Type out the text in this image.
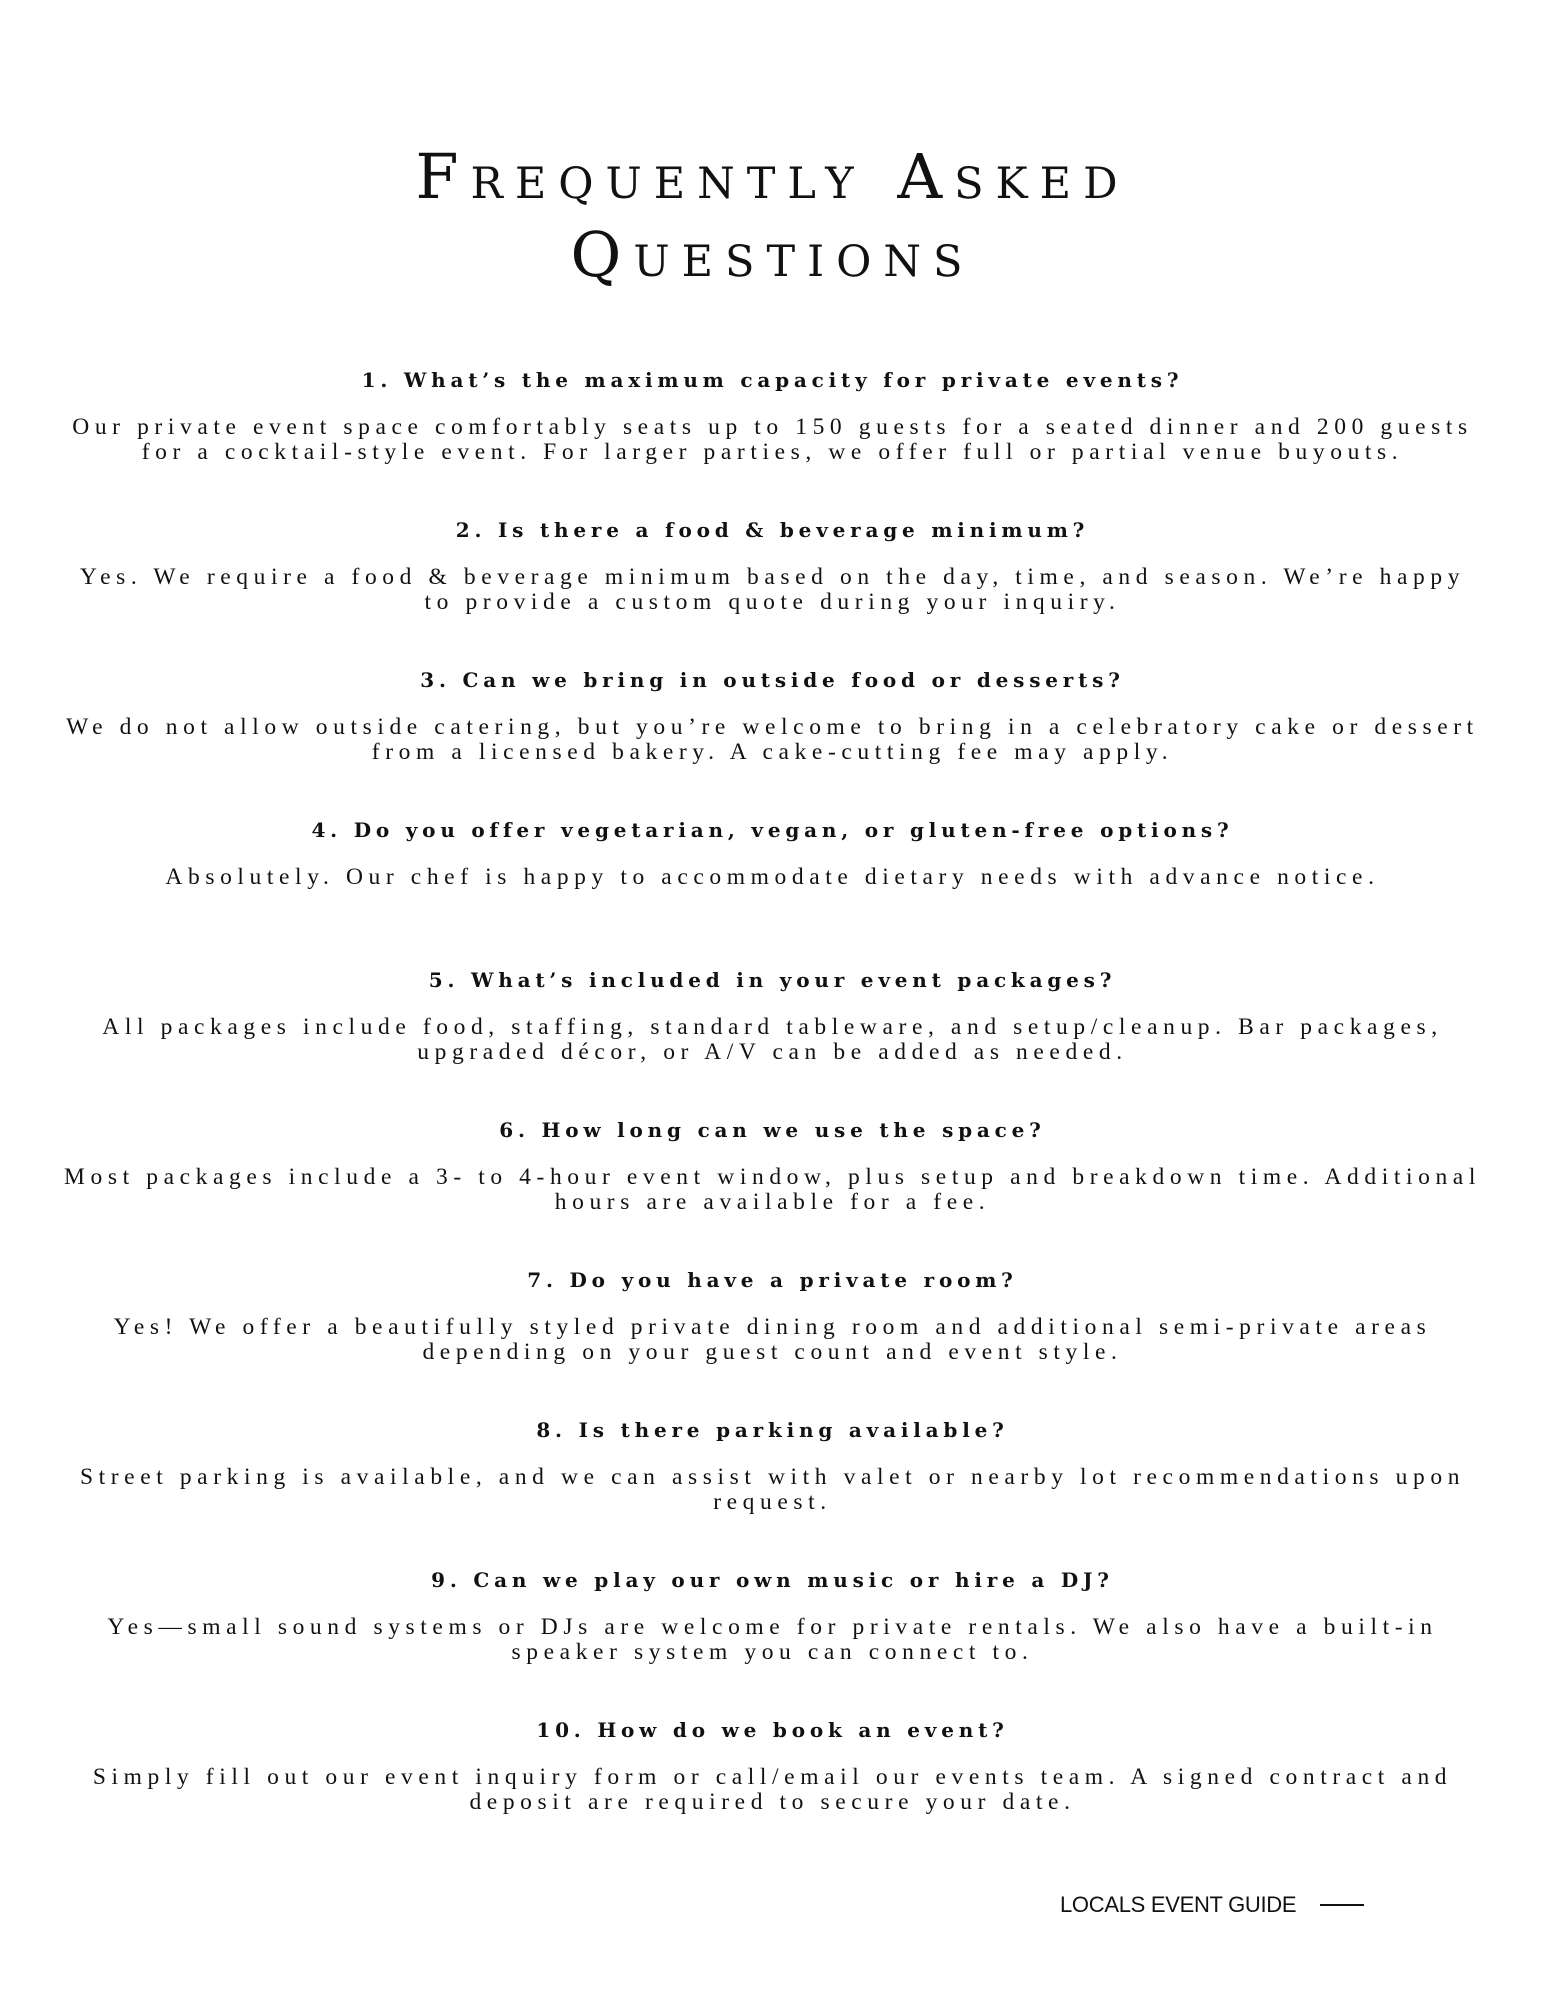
Frequently Asked
Questions

1. What’s the maximum capacity for private events?

Our private event space comfortably seats up to 150 guests for a seated dinner and 200 guests for a cocktail-style event. For larger parties, we offer full or partial venue buyouts.

2. Is there a food & beverage minimum?

Yes. We require a food & beverage minimum based on the day, time, and season. We’re happy to provide a custom quote during your inquiry.

3. Can we bring in outside food or desserts?

We do not allow outside catering, but you’re welcome to bring in a celebratory cake or dessert from a licensed bakery. A cake-cutting fee may apply.

4. Do you offer vegetarian, vegan, or gluten-free options?

Absolutely. Our chef is happy to accommodate dietary needs with advance notice.

5. What’s included in your event packages?

All packages include food, staffing, standard tableware, and setup/cleanup. Bar packages, upgraded décor, or A/V can be added as needed.

6. How long can we use the space?

Most packages include a 3- to 4-hour event window, plus setup and breakdown time. Additional hours are available for a fee.

7. Do you have a private room?

Yes! We offer a beautifully styled private dining room and additional semi-private areas depending on your guest count and event style.

8. Is there parking available?

Street parking is available, and we can assist with valet or nearby lot recommendations upon request.

9. Can we play our own music or hire a DJ?

Yes—small sound systems or DJs are welcome for private rentals. We also have a built-in speaker system you can connect to.

10. How do we book an event?

Simply fill out our event inquiry form or call/email our events team. A signed contract and deposit are required to secure your date.

LOCALS EVENT GUIDE
